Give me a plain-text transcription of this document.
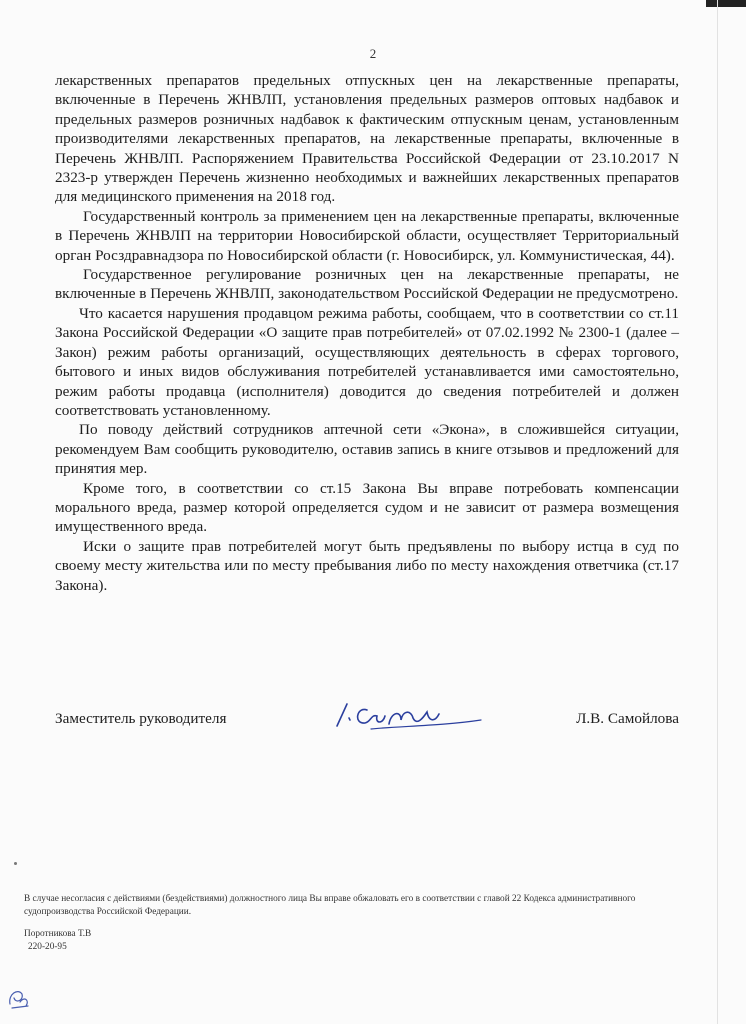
2

лекарственных препаратов предельных отпускных цен на лекарственные препараты, включенные в Перечень ЖНВЛП, установления предельных размеров оптовых надбавок и предельных размеров розничных надбавок к фактическим отпускным ценам, установленным производителями лекарственных препаратов, на лекарственные препараты, включенные в Перечень ЖНВЛП. Распоряжением Правительства Российской Федерации от 23.10.2017 N 2323-р утвержден Перечень жизненно необходимых и важнейших лекарственных препаратов для медицинского применения на 2018 год.

Государственный контроль за применением цен на лекарственные препараты, включенные в Перечень ЖНВЛП на территории Новосибирской области, осуществляет Территориальный орган Росздравнадзора по Новосибирской области (г. Новосибирск, ул. Коммунистическая, 44).

Государственное регулирование розничных цен на лекарственные препараты, не включенные в Перечень ЖНВЛП, законодательством Российской Федерации не предусмотрено.

Что касается нарушения продавцом режима работы, сообщаем, что в соответствии со ст.11 Закона Российской Федерации «О защите прав потребителей» от 07.02.1992 № 2300-1 (далее – Закон) режим работы организаций, осуществляющих деятельность в сферах торгового, бытового и иных видов обслуживания потребителей устанавливается ими самостоятельно, режим работы продавца (исполнителя) доводится до сведения потребителей и должен соответствовать установленному.

По поводу действий сотрудников аптечной сети «Экона», в сложившейся ситуации, рекомендуем Вам сообщить руководителю, оставив запись в книге отзывов и предложений для принятия мер.

Кроме того, в соответствии со ст.15 Закона Вы вправе потребовать компенсации морального вреда, размер которой определяется судом и не зависит от размера возмещения имущественного вреда.

Иски о защите прав потребителей могут быть предъявлены по выбору истца в суд по своему месту жительства или по месту пребывания либо по месту нахождения ответчика (ст.17 Закона).

Заместитель руководителя	Л.В. Самойлова
В случае несогласия с действиями (бездействиями) должностного лица Вы вправе обжаловать его в соответствии с главой 22 Кодекса административного судопроизводства Российской Федерации.
Поротникова Т.В
220-20-95
